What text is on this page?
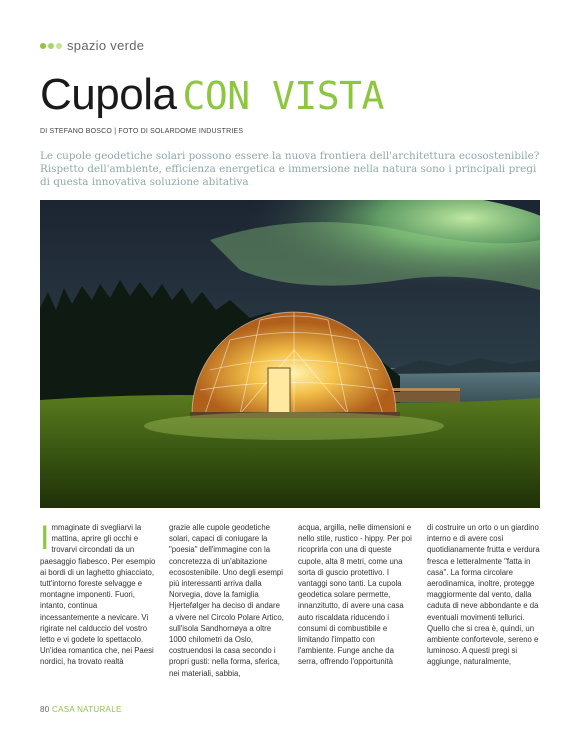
spazio verde
Cupola CON VISTA
DI STEFANO BOSCO | FOTO DI SOLARDOME INDUSTRIES
Le cupole geodetiche solari possono essere la nuova frontiera dell'architettura ecosostenibile? Rispetto dell'ambiente, efficienza energetica e immersione nella natura sono i principali pregi di questa innovativa soluzione abitativa
Immaginate di svegliarvi la mattina, aprire gli occhi e trovarvi circondati da un paesaggio fiabesco. Per esempio ai bordi di un laghetto ghiacciato, tutt'intorno foreste selvagge e montagne imponenti. Fuori, intanto, continua incessantemente a nevicare. Vi rigirate nel calduccio del vostro letto e vi godete lo spettacolo. Un'idea romantica che, nei Paesi nordici, ha trovato realtà
grazie alle cupole geodetiche solari, capaci di coniugare la "poesia" dell'immagine con la concretezza di un'abitazione ecosostenibile. Uno degli esempi più interessanti arriva dalla Norvegia, dove la famiglia Hjertefølger ha deciso di andare a vivere nel Circolo Polare Artico, sull'isola Sandhornøya a oltre 1000 chilometri da Oslo, costruendosi la casa secondo i propri gusti: nella forma, sferica, nei materiali, sabbia,
acqua, argilla, nelle dimensioni e nello stile, rustico - hippy. Per poi ricoprirla con una di queste cupole, alta 8 metri, come una sorta di guscio protettivo. I vantaggi sono tanti. La cupola geodetica solare permette, innanzitutto, di avere una casa auto riscaldata riducendo i consumi di combustibile e limitando l'impatto con l'ambiente. Funge anche da serra, offrendo l'opportunità
di costruire un orto o un giardino interno e di avere così quotidianamente frutta e verdura fresca e letteralmente "fatta in casa". La forma circolare aerodinamica, inoltre, protegge maggiormente dal vento, dalla caduta di neve abbondante e da eventuali movimenti tellurici. Quello che si crea è, quindi, un ambiente confortevole, sereno e luminoso. A questi pregi si aggiunge, naturalmente,
80 CASA NATURALE
